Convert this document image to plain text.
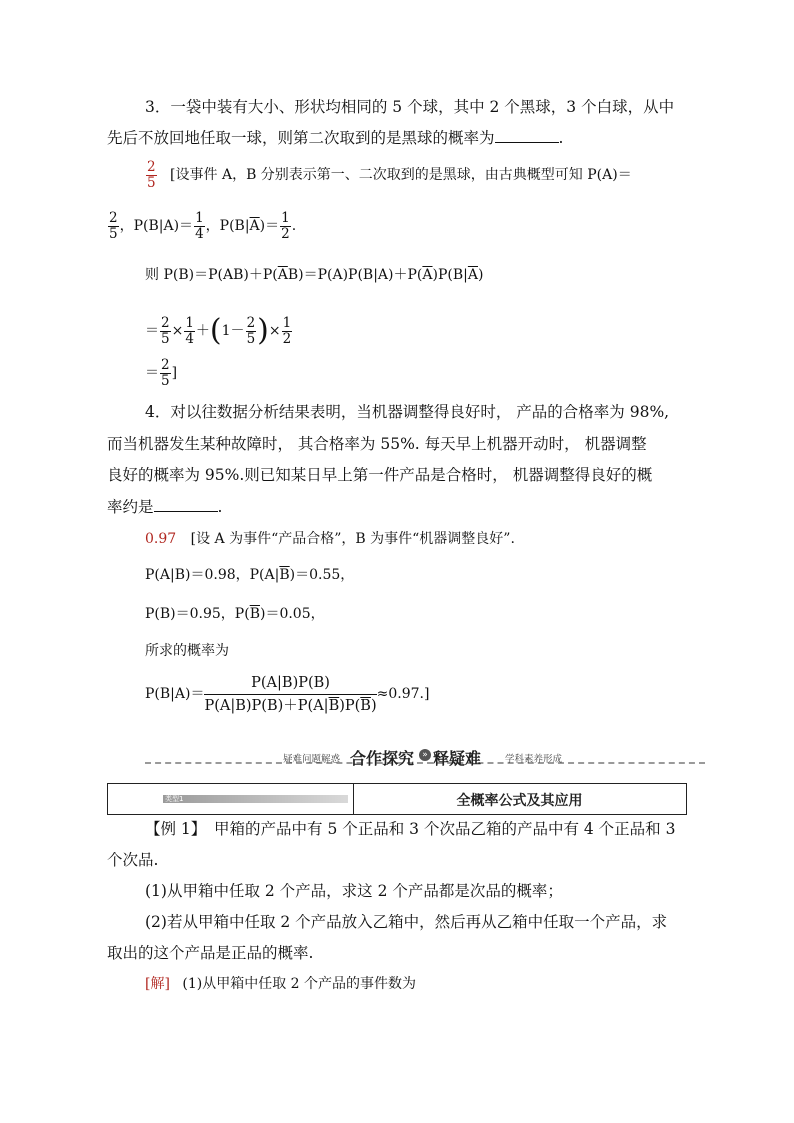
3．一袋中装有大小、形状均相同的 5 个球，其中 2 个黑球，3 个白球，从中
先后不放回地任取一球，则第二次取到的是黑球的概率为	.
$\frac{2}{5}$ [设事件 A，B 分别表示第一、二次取到的是黑球，由古典概型可知 P(A)＝
$\frac{2}{5}$ ，$P(B|A)= \frac{1}{4}$ ，$P(B|\overline{A})= \frac{1}{2}$ .
则 $P(B)=P(AB)+P(\overline{A}B)=P(A)P(B|A)+P(\overline{A})P(B|\overline{A})$
＝ $\frac{2}{5} \times \frac{1}{4} +(1- \frac{2}{5}$ )× $\frac{1}{2}$
＝ $\frac{2}{5}$ ]
4．对以往数据分析结果表明，当机器调整得良好时， 产品的合格率为 98%,
而当机器发生某种故障时， 其合格率为 55%. 每天早上机器开动时， 机器调整
良好的概率为 95%.则已知某日早上第一件产品是合格时， 机器调整得良好的概
率约是	.
0.97 [设 A 为事件“产品合格”，B 为事件“机器调整良好”.
P(A|B)＝0.98，$P(A|\overline{B})=0.55$，
P(B)＝0.95，$P(\overline{B})=0.05$，
所求的概率为
$P(B|A)= \frac{P(A|B)P(B)}{P(A|B)P(B)+P(A|\overline{B})P(\overline{B})} \approx 0.97$.]
疑难问题解惑 合作探究 » 释疑难	学科素养形成
类型1	全概率公式及其应用
【例 1】　甲箱的产品中有 5 个正品和 3 个次品乙箱的产品中有 4 个正品和 3
个次品.
(1)从甲箱中任取 2 个产品，求这 2 个产品都是次品的概率；
(2)若从甲箱中任取 2 个产品放入乙箱中，然后再从乙箱中任取一个产品，求
取出的这个产品是正品的概率.
[解] (1)从甲箱中任取 2 个产品的事件数为
